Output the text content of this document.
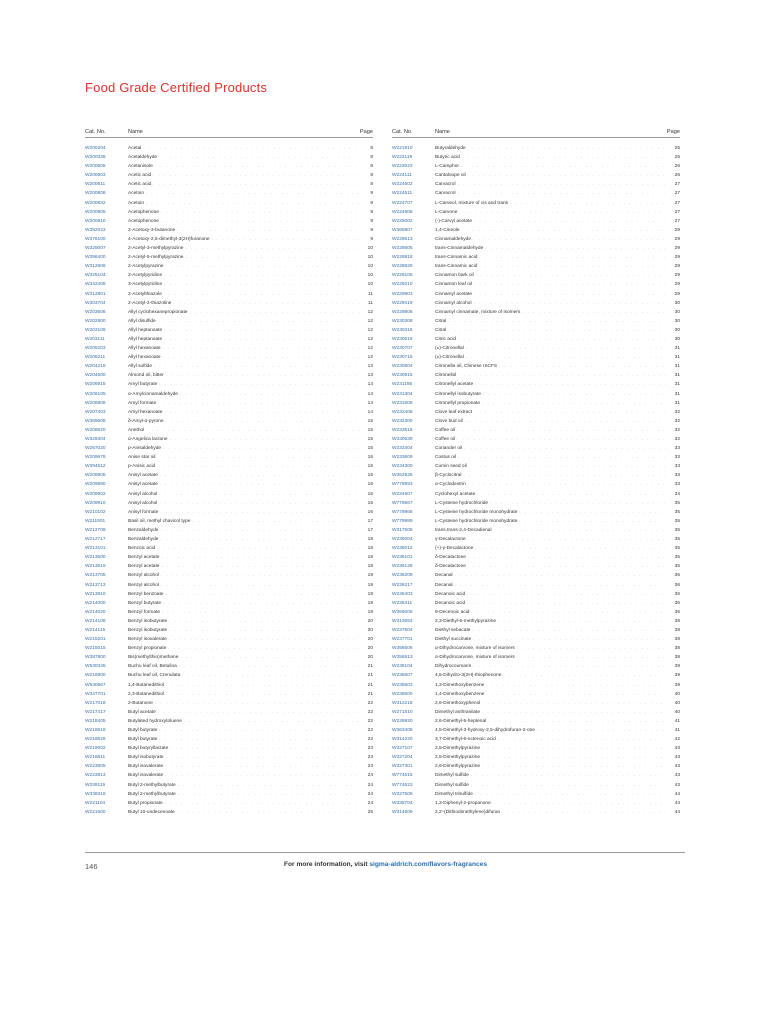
Food Grade Certified Products
Cat. No.	Name	Page
W200204	Acetal . . .	8
W200336	Acetaldehyde . . .	8
W200506	Acetanisole . . .	8
W200603	Acetic acid . . .	8
W200611	Acetic acid . . .	8
W200808	Acetoin . . .	9
W200832	Acetoin . . .	9
W200905	Acetophenone . . .	9
W200910	Acetophenone . . .	9
W352023	2-Acetoxy-3-butanone . . .	9
W378100	4-Acetoxy-2,5-dimethyl-3(2H)furanone . . .	9
W325007	2-Acetyl-3-methylpyrazine . . .	10
W396400	2-Acetyl-5-methylpyrazine . . .	10
W312606	2-Acetylpyrazine . . .	10
W325104	2-Acetylpyridine . . .	10
W342408	3-Acetylpyridine . . .	10
W312801	2-Acetylthiazole . . .	11
W303704	2-Acetyl-2-thiazoline . . .	11
W203606	Allyl cyclohexanepropionate . . .	12
W202800	Allyl disulfide . . .	12
W203106	Allyl heptanoate . . .	12
W203111	Allyl heptanoate . . .	12
W205203	Allyl hexanoate . . .	12
W205211	Allyl hexanoate . . .	12
W204218	Allyl sulfide . . .	13
W204600	Almond oil, bitter . . .	13
W206915	Amyl butyrate . . .	14
W206105	α-Amylcinnamaldehyde . . .	14
W206806	Amyl formate . . .	14
W207403	Amyl hexanoate . . .	14
W369608	δ-Amyl-α-pyrone . . .	15
W208620	Anethol . . .	15
W329304	α-Angelica lactone . . .	15
W267020	p-Anisaldehyde . . .	15
W209678	Anise star oil . . .	16
W394512	p-Anisic acid . . .	16
W209805	Anisyl acetate . . .	16
W209890	Anisyl acetate . . .	16
W209902	Anisyl alcohol . . .	16
W209910	Anisyl alcohol . . .	16
W210102	Anisyl formate . . .	16
W211901	Basil oil, methyl chavicol type . . .	17
W212709	Benzaldehyde . . .	17
W212717	Benzaldehyde . . .	18
W213101	Benzoic acid . . .	18
W213500	Benzyl acetate . . .	18
W213519	Benzyl acetate . . .	18
W213705	Benzyl alcohol . . .	19
W213713	Benzyl alcohol . . .	19
W213810	Benzyl benzoate . . .	19
W214000	Benzyl butyrate . . .	19
W214020	Benzyl formate . . .	19
W214108	Benzyl isobutyrate . . .	20
W214115	Benzyl isobutyrate . . .	20
W215201	Benzyl isovalerate . . .	20
W215015	Benzyl propionate . . .	20
W387800	Bis(methylthio)methane . . .	20
W530345	Buchu leaf oil, Betulina . . .	21
W216900	Buchu leaf oil, Crenulata . . .	21
W530867	1,4-Butanedithiol . . .	21
W347701	2,3-Butanedithiol . . .	21
W217018	2-Butanone . . .	22
W217417	Butyl acetate . . .	22
W218405	Butylated hydroxytoluene . . .	22
W218618	Butyl butyrate . . .	22
W218626	Butyl butyrate . . .	22
W219002	Butyl butyryllactate . . .	23
W218811	Butyl isobutyrate . . .	23
W223805	Butyl isovalerate . . .	23
W223813	Butyl isovalerate . . .	24
W339115	Butyl 2-methylbutyrate . . .	24
W339318	Butyl 2-methylbutyrate . . .	24
W221104	Butyl propionate . . .	24
W221600	Butyl 10-undecenoate . . .	25
Cat. No.	Name	Page
W221910	Butyraldehyde . . .	25
W222119	Butyric acid . . .	25
W223023	L-Camphor . . .	26
W224111	Cantaloupe oil . . .	26
W224502	Carvacrol . . .	27
W224511	Carvacrol . . .	27
W224707	L-Carveol, mixture of cis and trans . . .	27
W224908	L-Carvone . . .	27
W225002	(-)-Carvyl acetate . . .	27
W365807	1,4-Cineole . . .	29
W228613	Cinnamaldehyde . . .	29
W228605	trans-Cinnamaldehyde . . .	29
W228818	trans-Cinnamic acid . . .	29
W228826	trans-Cinnamic acid . . .	29
W229105	Cinnamon bark oil . . .	29
W229210	Cinnamon leaf oil . . .	29
W229903	Cinnamyl acetate . . .	29
W229419	Cinnamyl alcohol . . .	30
W229806	Cinnamyl cinnamate, mixture of isomers . . .	30
W230308	Citral . . .	30
W230316	Citral . . .	30
W230618	Citric acid . . .	30
W230707	(±)-Citronellal . . .	31
W230715	(±)-Citronellal . . .	31
W230804	Citronella oil, Chinese ISCFS . . .	31
W230915	Citronellol . . .	31
W231185	Citronellyl acetate . . .	31
W231304	Citronellyl isobutyrate . . .	31
W231606	Citronellyl propionate . . .	31
W232408	Clove leaf extract . . .	32
W232300	Clove bud oil . . .	32
W233618	Coffee oil . . .	32
W330639	Coffee oil . . .	32
W233404	Coriander oil . . .	33
W233609	Costus oil . . .	33
W234300	Cumin seed oil . . .	33
W362926	β-Cyclocitral . . .	33
W778893	α-Cyclodextrin . . .	33
W234907	Cyclohexyl acetate . . .	34
W779567	L-Cysteine hydrochloride . . .	35
W779865	L-Cysteine hydrochloride monohydrate . . .	35
W779989	L-Cysteine hydrochloride monohydrate . . .	35
W317505	trans,trans-2,4-Decadienal . . .	35
W236004	γ-Decalactone . . .	35
W236012	(+)-γ-Decalactone . . .	35
W236101	δ-Decalactone . . .	35
W236128	δ-Decalactone . . .	35
W236209	Decanal . . .	36
W236217	Decanal . . .	36
W236403	Decanoic acid . . .	36
W236411	Decanoic acid . . .	36
W366005	9-Decenoic acid . . .	36
W313653	2,3-Diethyl-5-methylpyrazine . . .	38
W237604	Diethyl sebacate . . .	38
W237701	Diethyl succinate . . .	38
W356506	α-Dihydrocarvone, mixture of isomers . . .	38
W356513	α-Dihydrocarvone, mixture of isomers . . .	38
W238104	Dihydrocoumarin . . .	39
W236607	4,5-Dihydro-3(2H)-thiophenone . . .	39
W238503	1,3-Dimethoxybenzene . . .	39
W238600	1,4-Dimethoxybenzene . . .	40
W312218	2,6-Dimethoxyphenol . . .	40
W271810	Dimethyl anthranilate . . .	40
W239920	2,6-Dimethyl-5-heptenal . . .	41
W363405	4,5-Dimethyl-3-hydroxy-2,5-dihydrofuran-2-one . . .	41
W314220	3,7-Dimethyl-6-octenoic acid . . .	42
W327107	2,5-Dimethylpyrazine . . .	43
W327204	2,5-Dimethylpyrazine . . .	43
W327301	2,6-Dimethylpyrazine . . .	43
W774615	Dimethyl sulfide . . .	43
W774623	Dimethyl sulfide . . .	43
W327506	Dimethyl trisulfide . . .	44
W335704	1,3-Diphenyl-2-propanone . . .	44
W314609	2,2'-(Dithiodimethylene)difuran . . .	44
146	For more information, visit sigma-aldrich.com/flavors-fragrances
